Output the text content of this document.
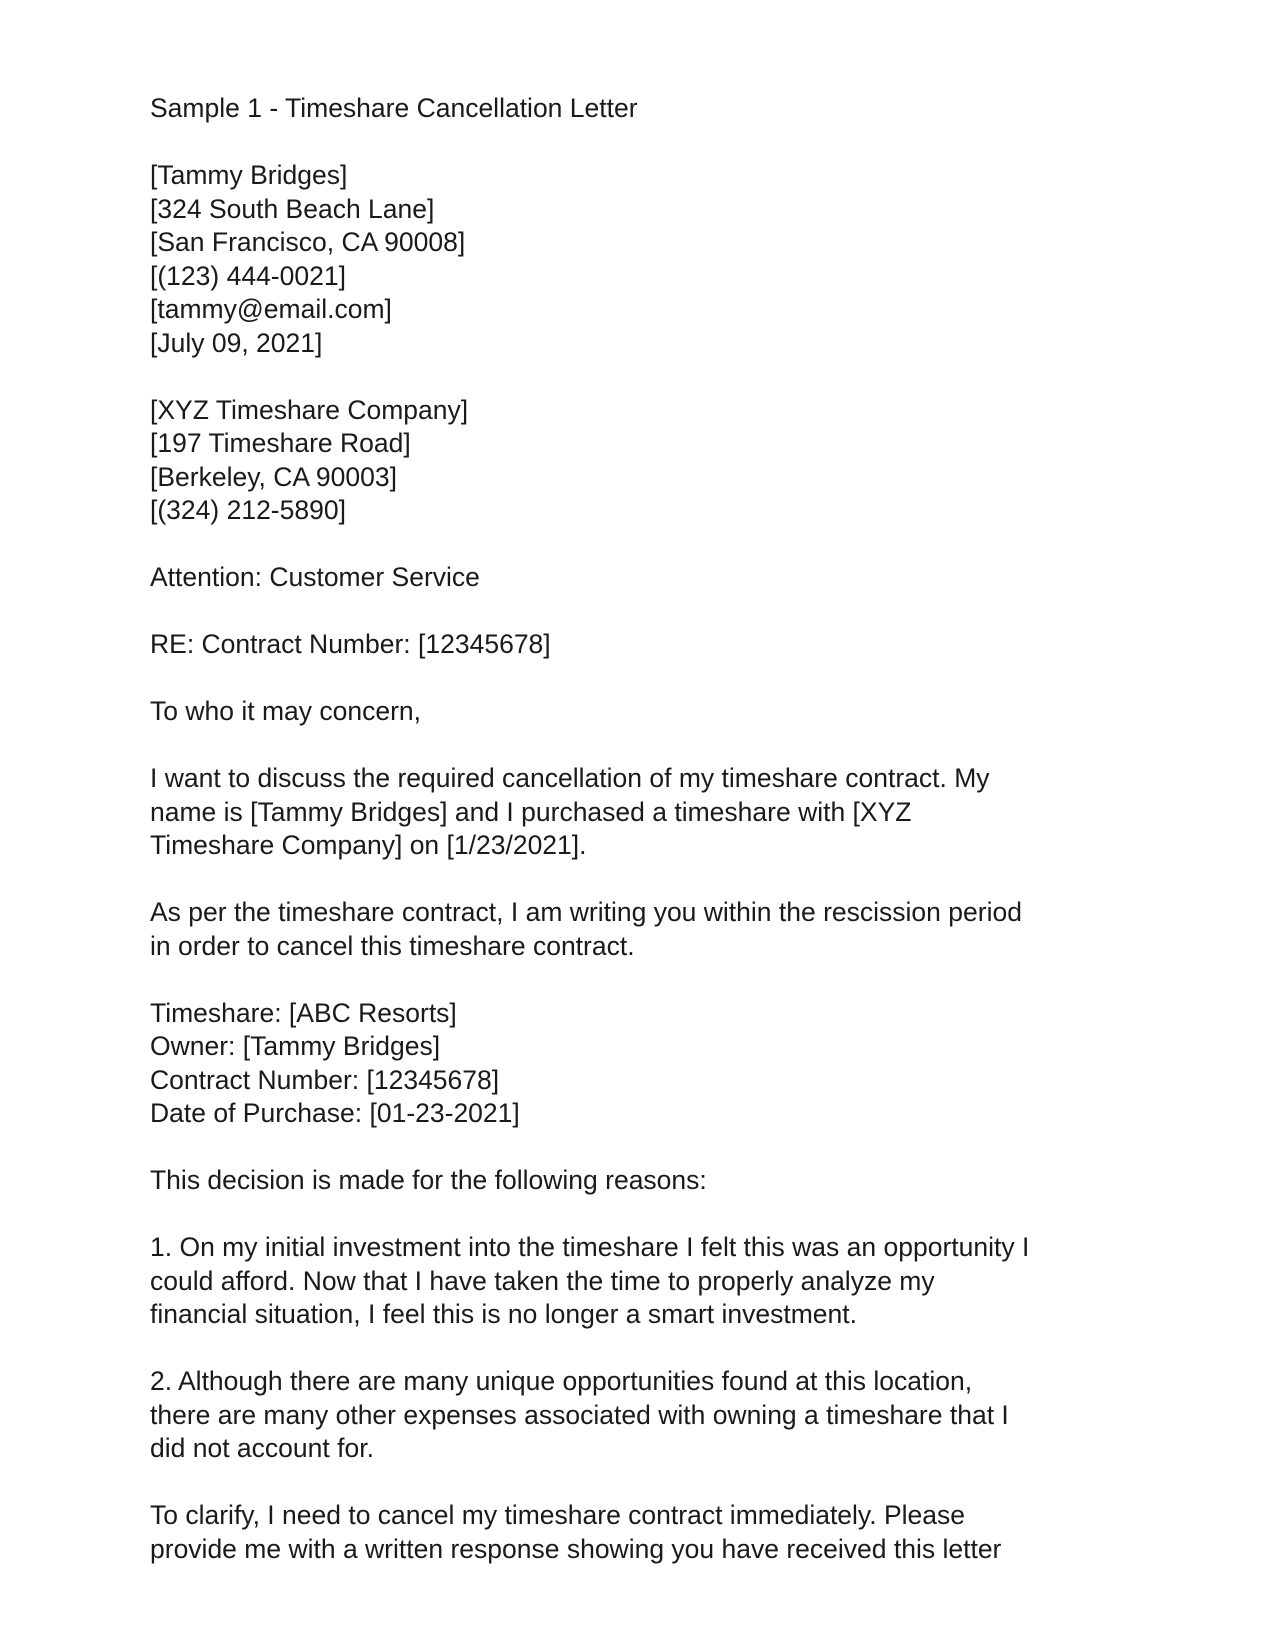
Sample 1 - Timeshare Cancellation Letter
[Tammy Bridges]
[324 South Beach Lane]
[San Francisco, CA 90008]
[(123) 444-0021]
[tammy@email.com]
[July 09, 2021]
[XYZ Timeshare Company]
[197 Timeshare Road]
[Berkeley, CA 90003]
[(324) 212-5890]
Attention: Customer Service
RE: Contract Number: [12345678]
To who it may concern,
I want to discuss the required cancellation of my timeshare contract. My
name is [Tammy Bridges] and I purchased a timeshare with [XYZ
Timeshare Company] on [1/23/2021].
As per the timeshare contract, I am writing you within the rescission period
in order to cancel this timeshare contract.
Timeshare: [ABC Resorts]
Owner: [Tammy Bridges]
Contract Number: [12345678]
Date of Purchase: [01-23-2021]
This decision is made for the following reasons:
1. On my initial investment into the timeshare I felt this was an opportunity I
could afford. Now that I have taken the time to properly analyze my
financial situation, I feel this is no longer a smart investment.
2. Although there are many unique opportunities found at this location,
there are many other expenses associated with owning a timeshare that I
did not account for.
To clarify, I need to cancel my timeshare contract immediately. Please
provide me with a written response showing you have received this letter
